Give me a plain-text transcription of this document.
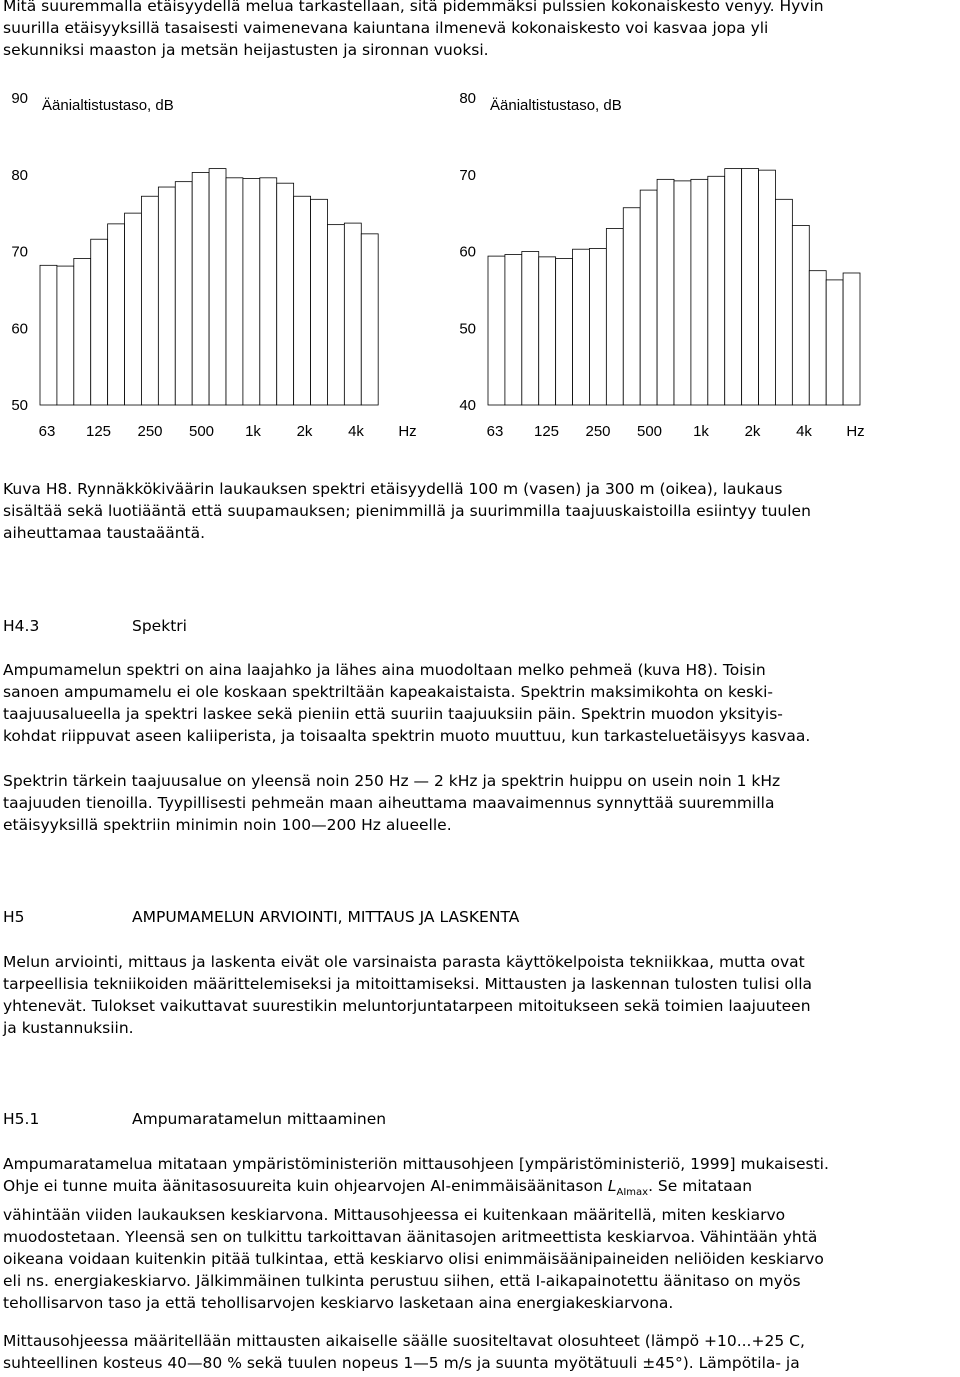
Mitä suuremmalla etäisyydellä melua tarkastellaan, sitä pidemmäksi pulssien kokonaiskesto venyy. Hyvin
suurilla etäisyyksillä tasaisesti vaimenevana kaiuntana ilmenevä kokonaiskesto voi kasvaa jopa yli
sekunniksi maaston ja metsän heijastusten ja sironnan vuoksi.
Äänialtistustaso, dB
90
80
70
60
50
63 125 250 500 1k 2k 4k Hz
Äänialtistustaso, dB
80
70
60
50
40
63 125 250 500 1k 2k 4k Hz
Kuva H8. Rynnäkkökiväärin laukauksen spektri etäisyydellä 100 m (vasen) ja 300 m (oikea), laukaus
sisältää sekä luotiääntä että suupamauksen; pienimmillä ja suurimmilla taajuuskaistoilla esiintyy tuulen
aiheuttamaa taustaääntä.
H4.3	Spektri
Ampumamelun spektri on aina laajahko ja lähes aina muodoltaan melko pehmeä (kuva H8). Toisin
sanoen ampumamelu ei ole koskaan spektriltään kapeakaistaista. Spektrin maksimikohta on keski-
taajuusalueella ja spektri laskee sekä pieniin että suuriin taajuuksiin päin. Spektrin muodon yksityis-
kohdat riippuvat aseen kaliiperista, ja toisaalta spektrin muoto muuttuu, kun tarkasteluetäisyys kasvaa.
Spektrin tärkein taajuusalue on yleensä noin 250 Hz — 2 kHz ja spektrin huippu on usein noin 1 kHz
taajuuden tienoilla. Tyypillisesti pehmeän maan aiheuttama maavaimennus synnyttää suuremmilla
etäisyyksillä spektriin minimin noin 100—200 Hz alueelle.
H5	AMPUMAMELUN ARVIOINTI, MITTAUS JA LASKENTA
Melun arviointi, mittaus ja laskenta eivät ole varsinaista parasta käyttökelpoista tekniikkaa, mutta ovat
tarpeellisia tekniikoiden määrittelemiseksi ja mitoittamiseksi. Mittausten ja laskennan tulosten tulisi olla
yhtenevät. Tulokset vaikuttavat suurestikin meluntorjuntatarpeen mitoitukseen sekä toimien laajuuteen
ja kustannuksiin.
H5.1	Ampumaratamelun mittaaminen
Ampumaratamelua mitataan ympäristöministeriön mittausohjeen [ympäristöministeriö, 1999] mukaisesti.
Ohje ei tunne muita äänitasosuureita kuin ohjearvojen AI-enimmäisäänitason $L_{AImax}$. Se mitataan
vähintään viiden laukauksen keskiarvona. Mittausohjeessa ei kuitenkaan määritellä, miten keskiarvo
muodostetaan. Yleensä sen on tulkittu tarkoittavan äänitasojen aritmeettista keskiarvoa. Vähintään yhtä
oikeana voidaan kuitenkin pitää tulkintaa, että keskiarvo olisi enimmäisäänipaineiden neliöiden keskiarvo
eli ns. energiakeskiarvo. Jälkimmäinen tulkinta perustuu siihen, että I-aikapainotettu äänitaso on myös
tehollisarvon taso ja että tehollisarvojen keskiarvo lasketaan aina energiakeskiarvona.
Mittausohjeessa määritellään mittausten aikaiselle säälle suositeltavat olosuhteet (lämpö +10...+25 C,
suhteellinen kosteus 40—80 % sekä tuulen nopeus 1—5 m/s ja suunta myötätuuli ±45°). Lämpötila- ja
